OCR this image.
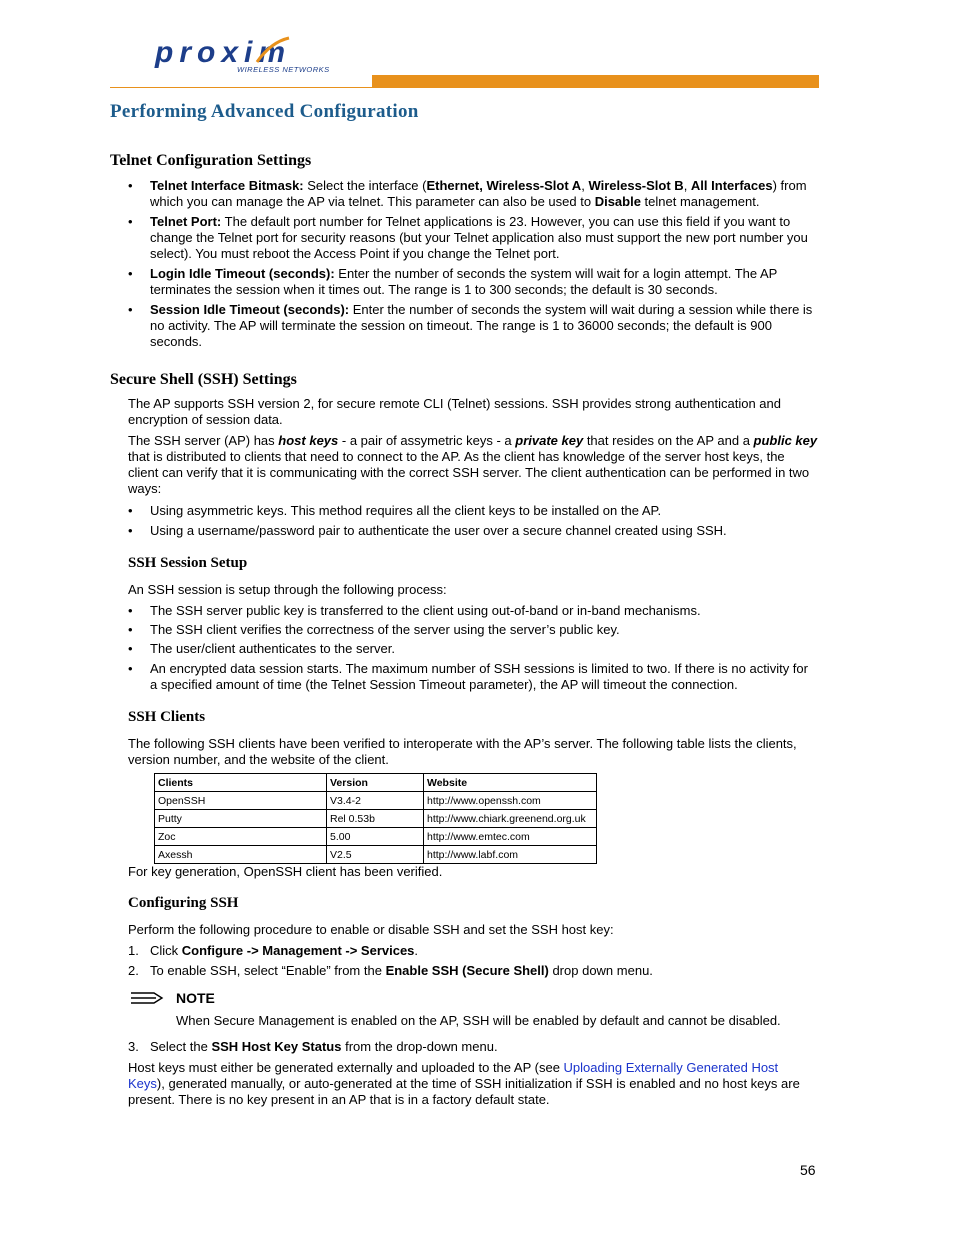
proxim
WIRELESS NETWORKS
Performing Advanced Configuration
Telnet Configuration Settings
• Telnet Interface Bitmask: Select the interface (Ethernet, Wireless-Slot A, Wireless-Slot B, All Interfaces) from which you can manage the AP via telnet. This parameter can also be used to Disable telnet management.
• Telnet Port: The default port number for Telnet applications is 23. However, you can use this field if you want to change the Telnet port for security reasons (but your Telnet application also must support the new port number you select). You must reboot the Access Point if you change the Telnet port.
• Login Idle Timeout (seconds): Enter the number of seconds the system will wait for a login attempt. The AP terminates the session when it times out. The range is 1 to 300 seconds; the default is 30 seconds.
• Session Idle Timeout (seconds): Enter the number of seconds the system will wait during a session while there is no activity. The AP will terminate the session on timeout. The range is 1 to 36000 seconds; the default is 900 seconds.
Secure Shell (SSH) Settings

The AP supports SSH version 2, for secure remote CLI (Telnet) sessions. SSH provides strong authentication and encryption of session data.

The SSH server (AP) has host keys - a pair of assymetric keys - a private key that resides on the AP and a public key that is distributed to clients that need to connect to the AP. As the client has knowledge of the server host keys, the client can verify that it is communicating with the correct SSH server. The client authentication can be performed in two ways:

• Using asymmetric keys. This method requires all the client keys to be installed on the AP.
• Using a username/password pair to authenticate the user over a secure channel created using SSH.
SSH Session Setup

An SSH session is setup through the following process:

• The SSH server public key is transferred to the client using out-of-band or in-band mechanisms.
• The SSH client verifies the correctness of the server using the server’s public key.
• The user/client authenticates to the server.
• An encrypted data session starts. The maximum number of SSH sessions is limited to two. If there is no activity for a specified amount of time (the Telnet Session Timeout parameter), the AP will timeout the connection.
SSH Clients

The following SSH clients have been verified to interoperate with the AP’s server. The following table lists the clients, version number, and the website of the client.

Clients	Version	Website
OpenSSH	V3.4-2	http://www.openssh.com
Putty	Rel 0.53b	http://www.chiark.greenend.org.uk
Zoc	5.00	http://www.emtec.com
Axessh	V2.5	http://www.labf.com

For key generation, OpenSSH client has been verified.

Configuring SSH

Perform the following procedure to enable or disable SSH and set the SSH host key:

1. Click Configure -> Management -> Services.
2. To enable SSH, select “Enable” from the Enable SSH (Secure Shell) drop down menu.
NOTE
When Secure Management is enabled on the AP, SSH will be enabled by default and cannot be disabled.
3. Select the SSH Host Key Status from the drop-down menu.

Host keys must either be generated externally and uploaded to the AP (see Uploading Externally Generated Host Keys), generated manually, or auto-generated at the time of SSH initialization if SSH is enabled and no host keys are present. There is no key present in an AP that is in a factory default state.

56
